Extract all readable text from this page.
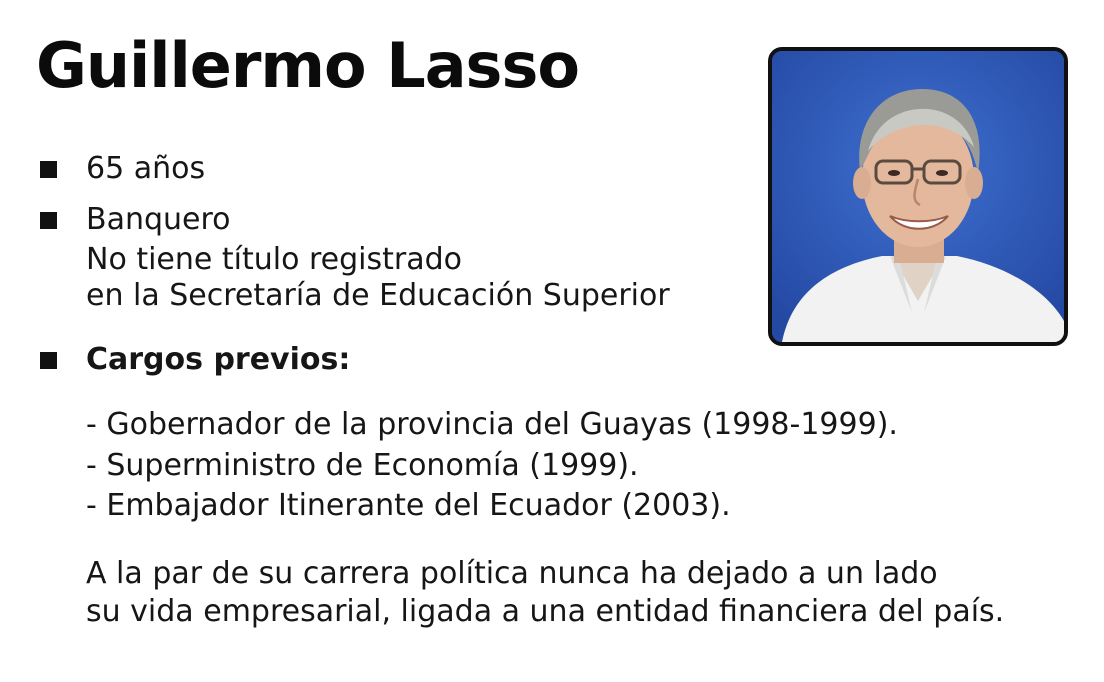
Guillermo Lasso
65 años
Banquero
No tiene título registrado
en la Secretaría de Educación Superior
Cargos previos:
- Gobernador de la provincia del Guayas (1998-1999).
- Superministro de Economía (1999).
- Embajador Itinerante del Ecuador (2003).
A la par de su carrera política nunca ha dejado a un lado
su vida empresarial, ligada a una entidad financiera del país.
